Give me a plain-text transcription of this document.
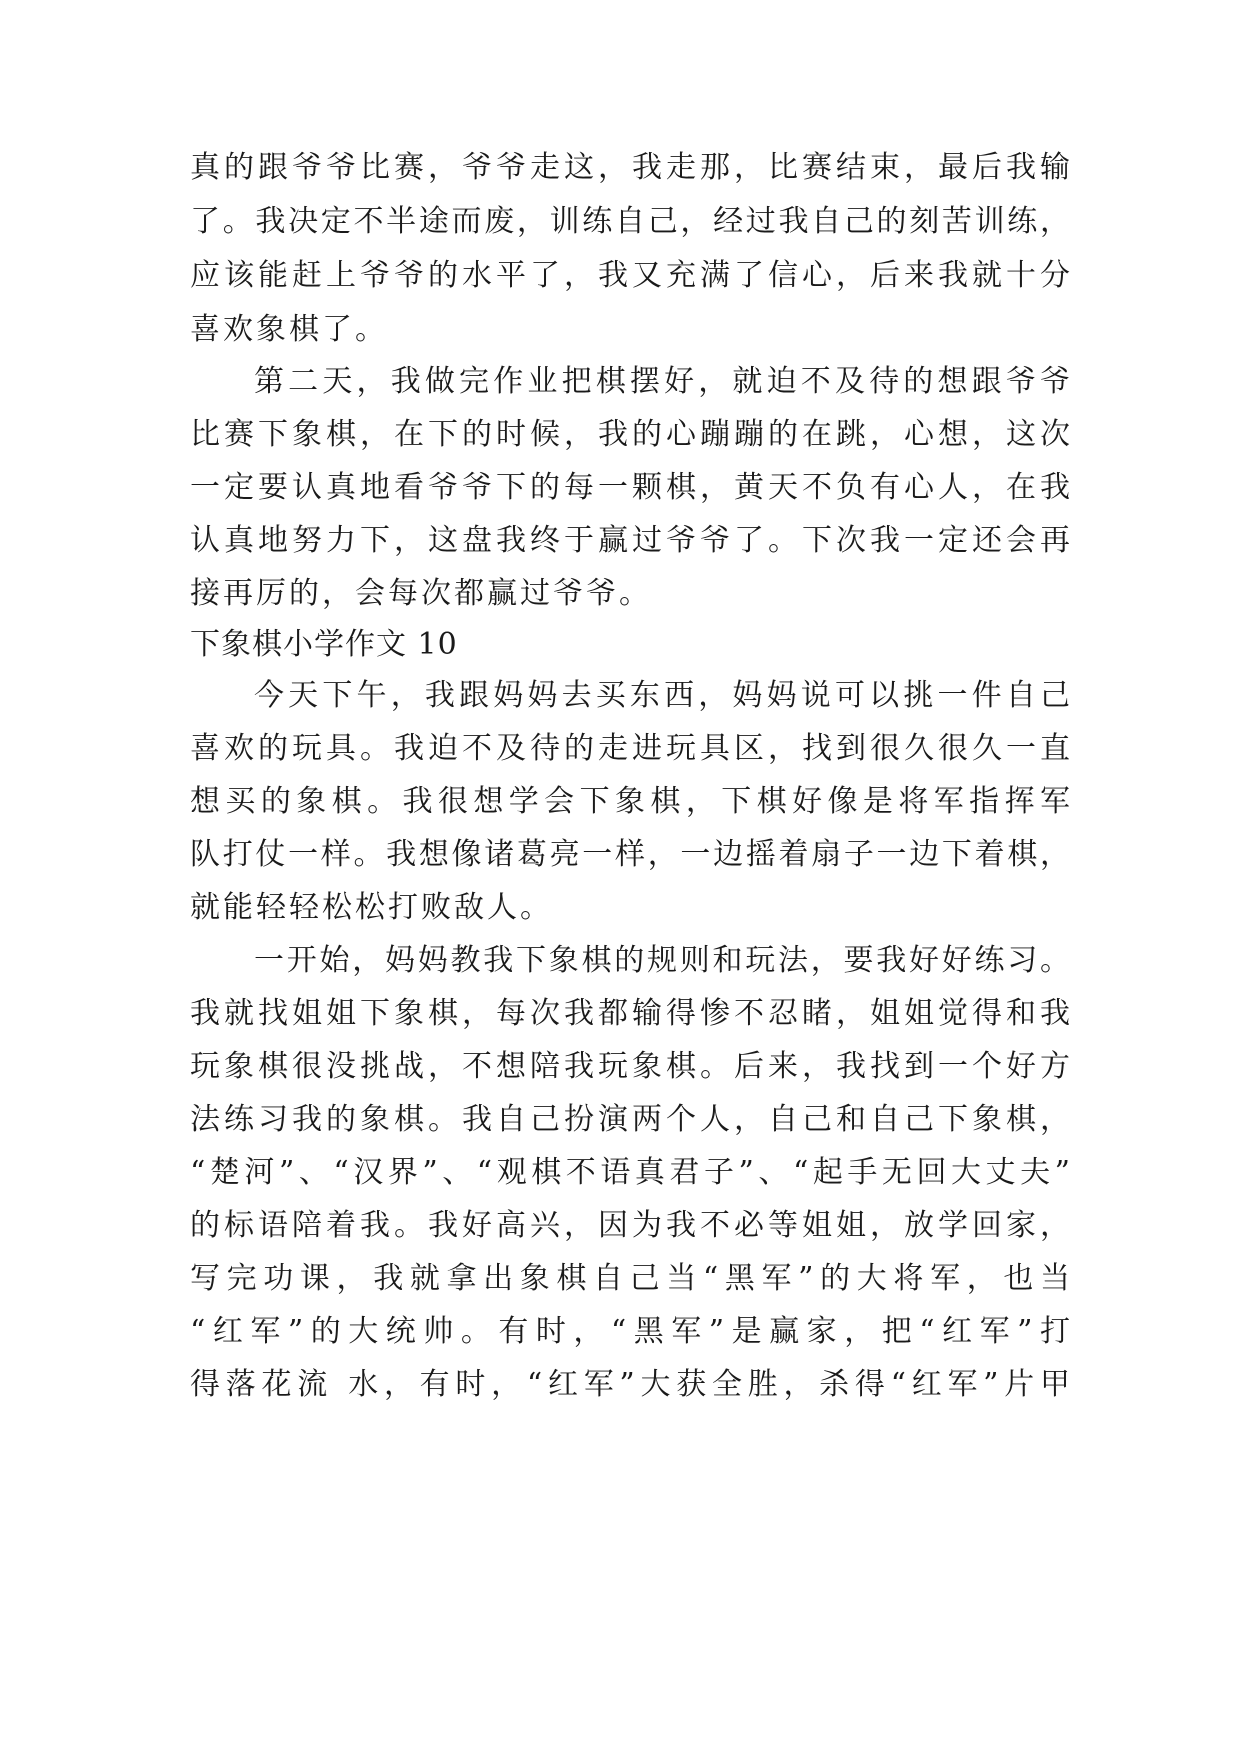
真的跟爷爷比赛，爷爷走这，我走那，比赛结束，最后我输
了。我决定不半途而废，训练自己，经过我自己的刻苦训练，
应该能赶上爷爷的水平了，我又充满了信心，后来我就十分
喜欢象棋了。
第二天，我做完作业把棋摆好，就迫不及待的想跟爷爷
比赛下象棋，在下的时候，我的心蹦蹦的在跳，心想，这次
一定要认真地看爷爷下的每一颗棋，黄天不负有心人，在我
认真地努力下，这盘我终于赢过爷爷了。下次我一定还会再
接再厉的，会每次都赢过爷爷。
下象棋小学作文 10
今天下午，我跟妈妈去买东西，妈妈说可以挑一件自己
喜欢的玩具。我迫不及待的走进玩具区，找到很久很久一直
想买的象棋。我很想学会下象棋，下棋好像是将军指挥军
队打仗一样。我想像诸葛亮一样，一边摇着扇子一边下着棋，
就能轻轻松松打败敌人。
一开始，妈妈教我下象棋的规则和玩法，要我好好练习。
我就找姐姐下象棋，每次我都输得惨不忍睹，姐姐觉得和我
玩象棋很没挑战，不想陪我玩象棋。后来，我找到一个好方
法练习我的象棋。我自己扮演两个人，自己和自己下象棋，
“楚河”、“汉界”、“观棋不语真君子”、“起手无回大丈夫”
的标语陪着我。我好高兴，因为我不必等姐姐，放学回家，
写完功课，我就拿出象棋自己当“黑军”的大将军，也当
“红军”的大统帅。有时，“黑军”是赢家，把“红军”打
得落花流 水，有时，“红军”大获全胜，杀得“红军”片甲
